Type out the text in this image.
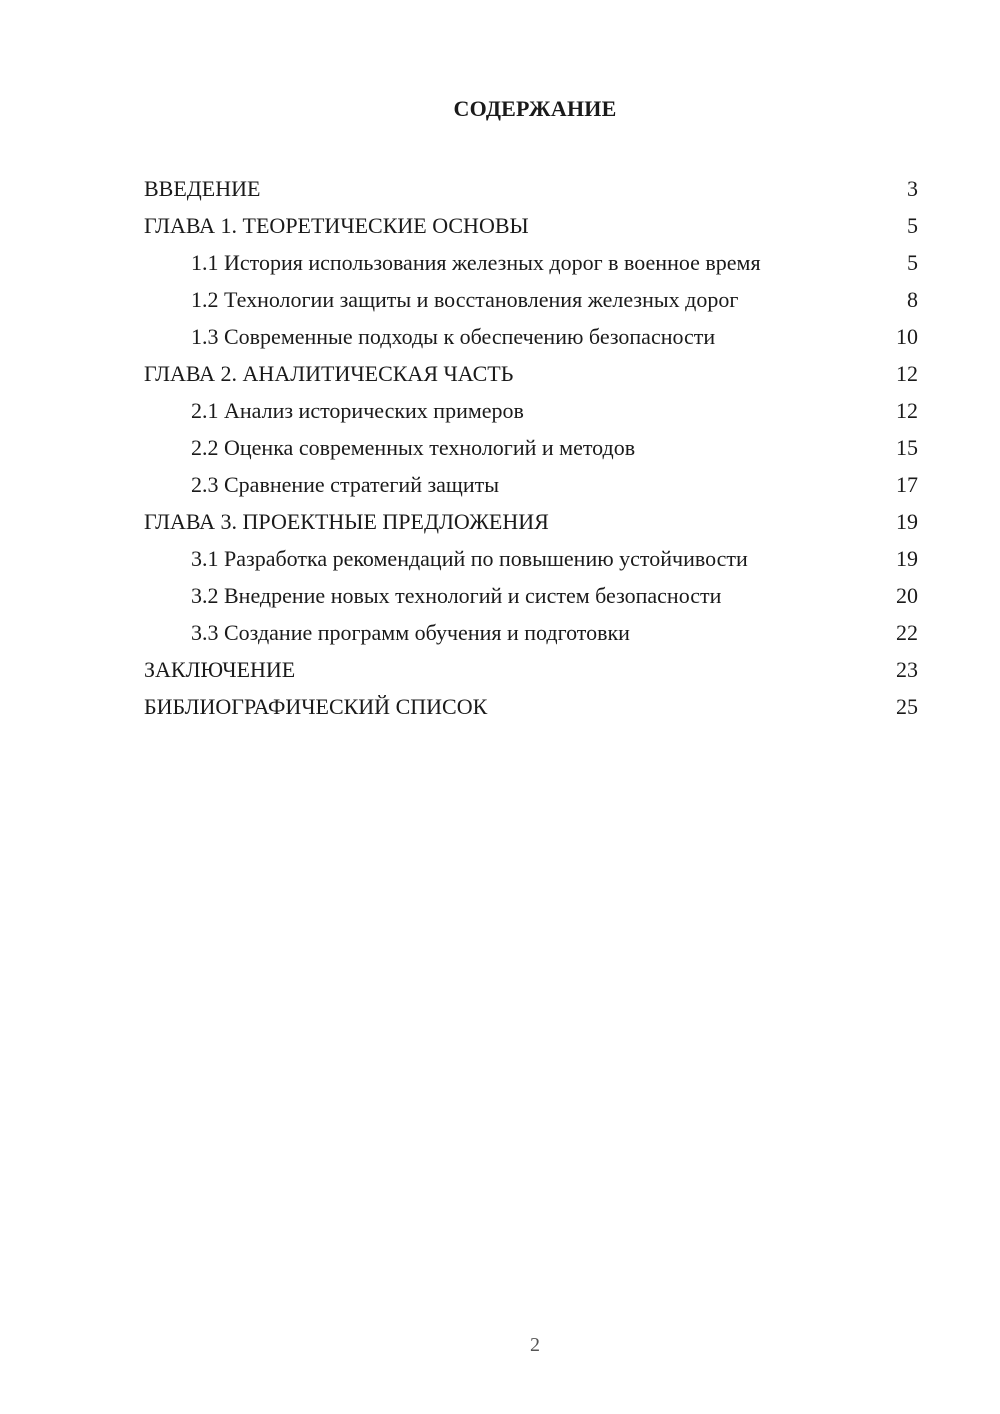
СОДЕРЖАНИЕ
ВВЕДЕНИЕ	3
ГЛАВА 1. ТЕОРЕТИЧЕСКИЕ ОСНОВЫ	5
1.1 История использования железных дорог в военное время	5
1.2 Технологии защиты и восстановления железных дорог	8
1.3 Современные подходы к обеспечению безопасности	10
ГЛАВА 2. АНАЛИТИЧЕСКАЯ ЧАСТЬ	12
2.1 Анализ исторических примеров	12
2.2 Оценка современных технологий и методов	15
2.3 Сравнение стратегий защиты	17
ГЛАВА 3. ПРОЕКТНЫЕ ПРЕДЛОЖЕНИЯ	19
3.1 Разработка рекомендаций по повышению устойчивости	19
3.2 Внедрение новых технологий и систем безопасности	20
3.3 Создание программ обучения и подготовки	22
ЗАКЛЮЧЕНИЕ	23
БИБЛИОГРАФИЧЕСКИЙ СПИСОК	25
2
